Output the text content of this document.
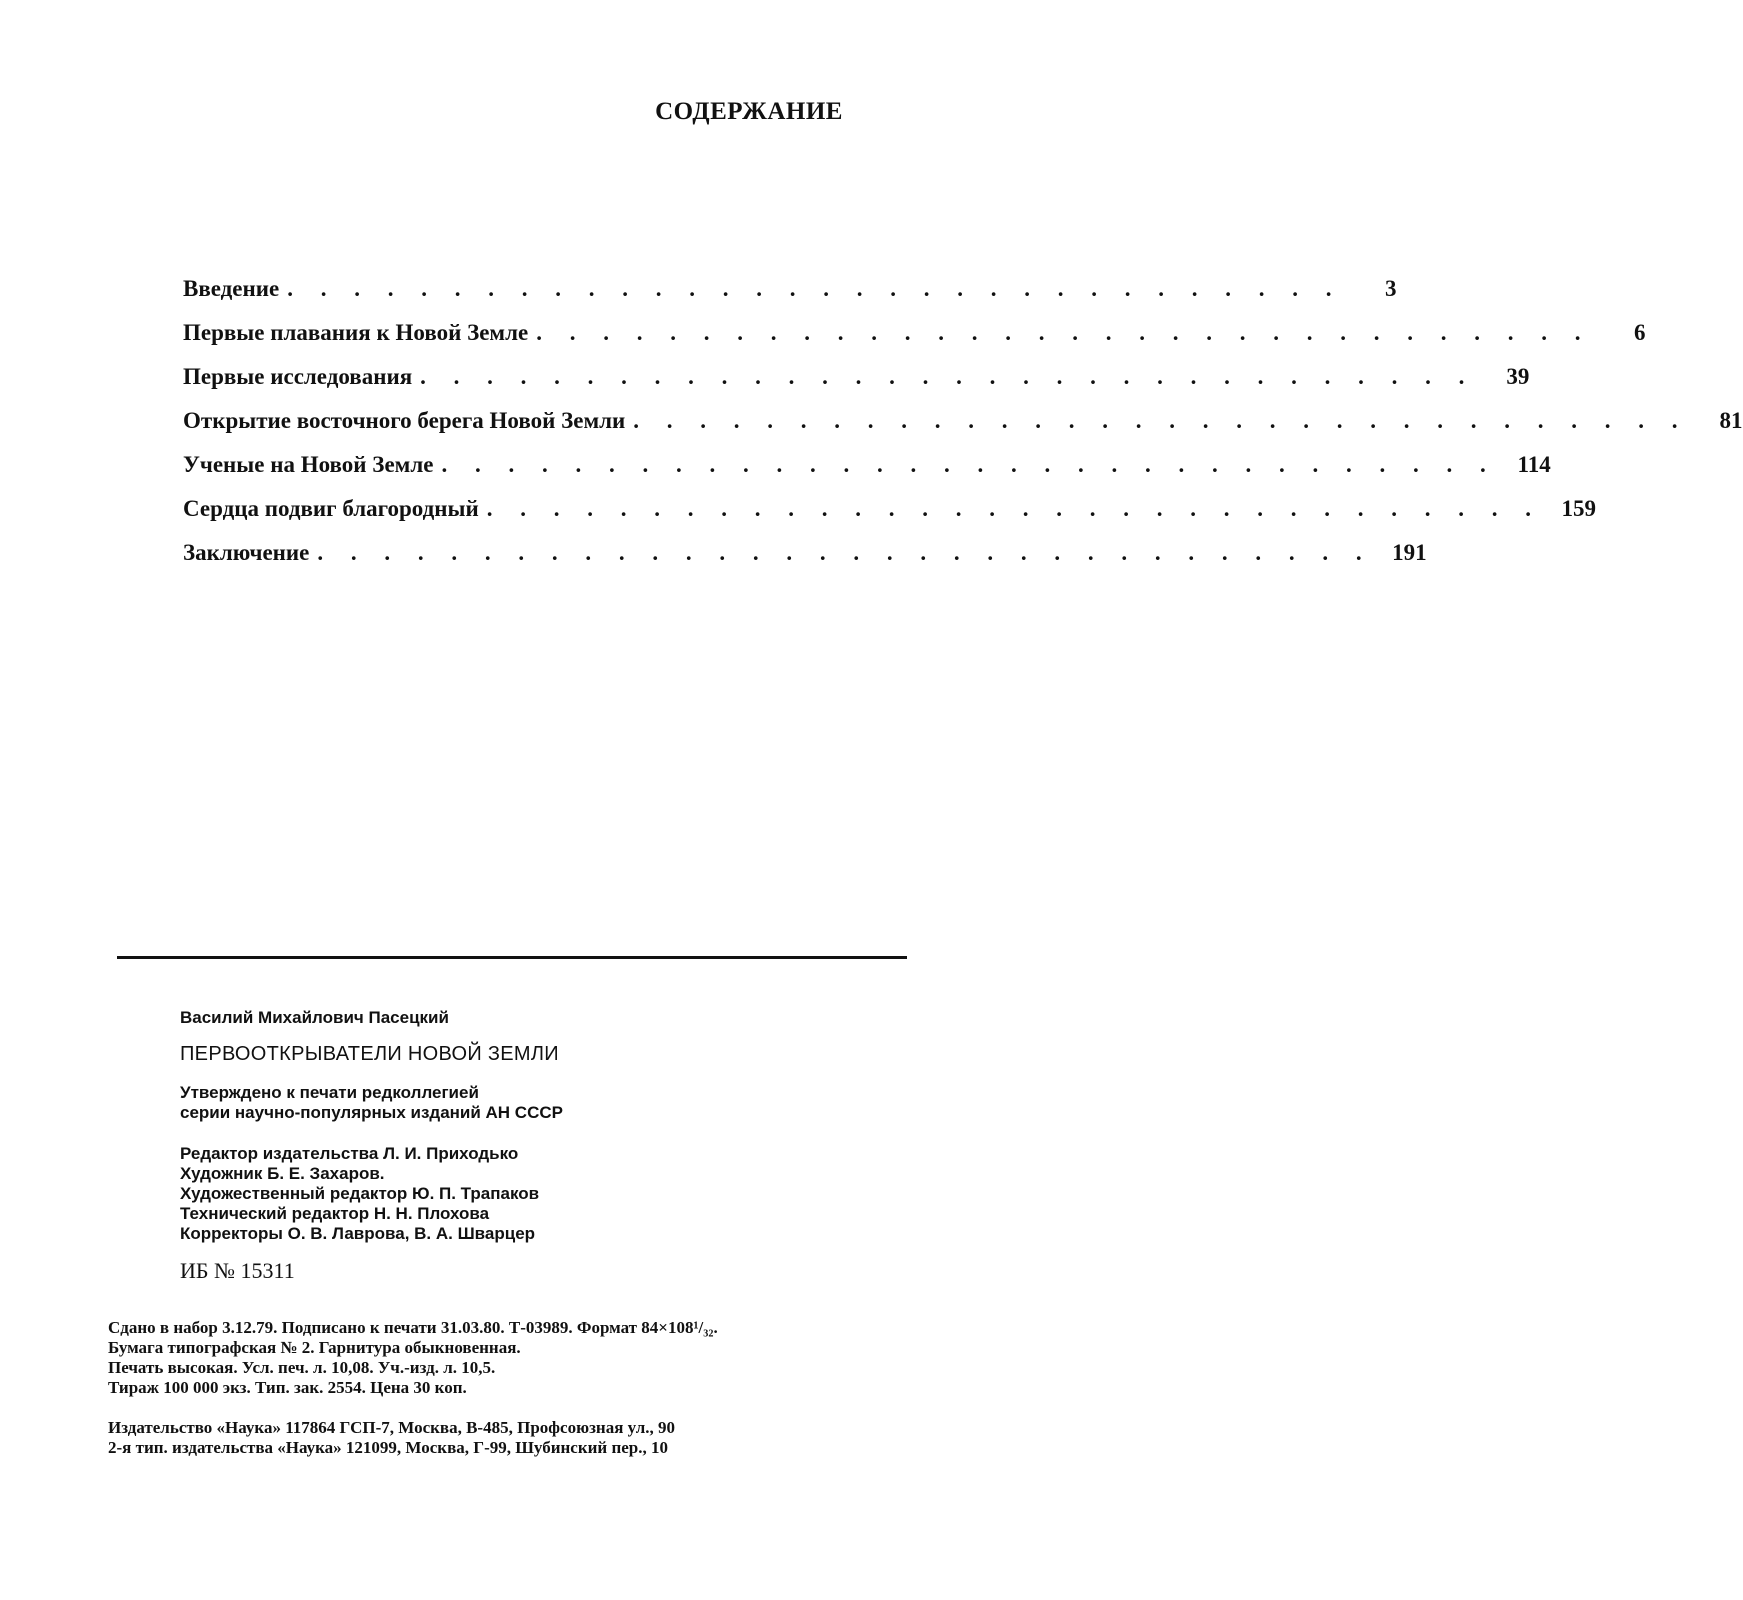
СОДЕРЖАНИЕ
Введение . . . . . . . . . . . . . . . . . . . . . . . . . . . . . . . .	3
Первые плавания к Новой Земле . . . . . . . . . . . . . . . . . . . . . . . . . . . . . . . .	6
Первые исследования . . . . . . . . . . . . . . . . . . . . . . . . . . . . . . . .	39
Открытие восточного берега Новой Земли . . . . . . . . . . . . . . . . . . . . . . . . . . . . . . . .	81
Ученые на Новой Земле . . . . . . . . . . . . . . . . . . . . . . . . . . . . . . . . 114
Сердца подвиг благородный . . . . . . . . . . . . . . . . . . . . . . . . . . . . . . . . 159
Заключение . . . . . . . . . . . . . . . . . . . . . . . . . . . . . . . . 191
Василий Михайлович Пасецкий
ПЕРВООТКРЫВАТЕЛИ НОВОЙ ЗЕМЛИ
Утверждено к печати редколлегией
серии научно-популярных изданий АН СССР
Редактор издательства Л. И. Приходько
Художник Б. Е. Захаров.
Художественный редактор Ю. П. Трапаков
Технический редактор Н. Н. Плохова
Корректоры О. В. Лаврова, В. А. Шварцер
ИБ № 15311
Сдано в набор 3.12.79. Подписано к печати 31.03.80. Т-03989. Формат 84×108¹/₃₂.
Бумага типографская № 2. Гарнитура обыкновенная.
Печать высокая. Усл. печ. л. 10,08. Уч.-изд. л. 10,5.
Тираж 100 000 экз. Тип. зак. 2554. Цена 30 коп.
Издательство «Наука» 117864 ГСП-7, Москва, В-485, Профсоюзная ул., 90
2-я тип. издательства «Наука» 121099, Москва, Г-99, Шубинский пер., 10
